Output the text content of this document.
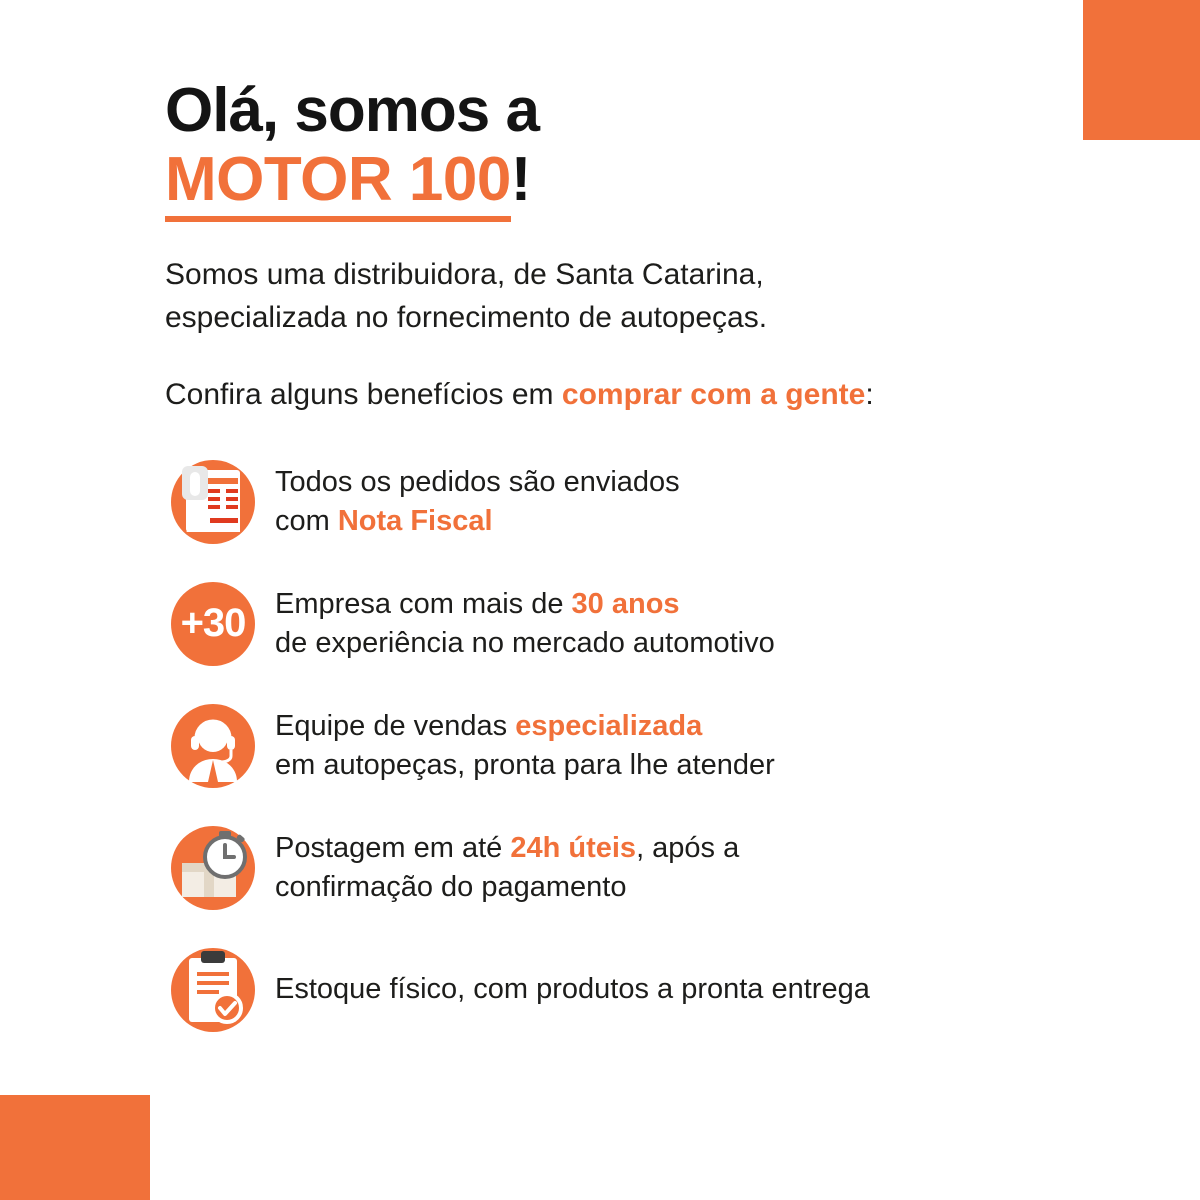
Olá, somos a
MOTOR 100!

Somos uma distribuidora, de Santa Catarina,
especializada no fornecimento de autopeças.

Confira alguns benefícios em comprar com a gente:

Todos os pedidos são enviados
com Nota Fiscal
+30 Empresa com mais de 30 anos
de experiência no mercado automotivo
Equipe de vendas especializada
em autopeças, pronta para lhe atender
Postagem em até 24h úteis, após a
confirmação do pagamento
Estoque físico, com produtos a pronta entrega
